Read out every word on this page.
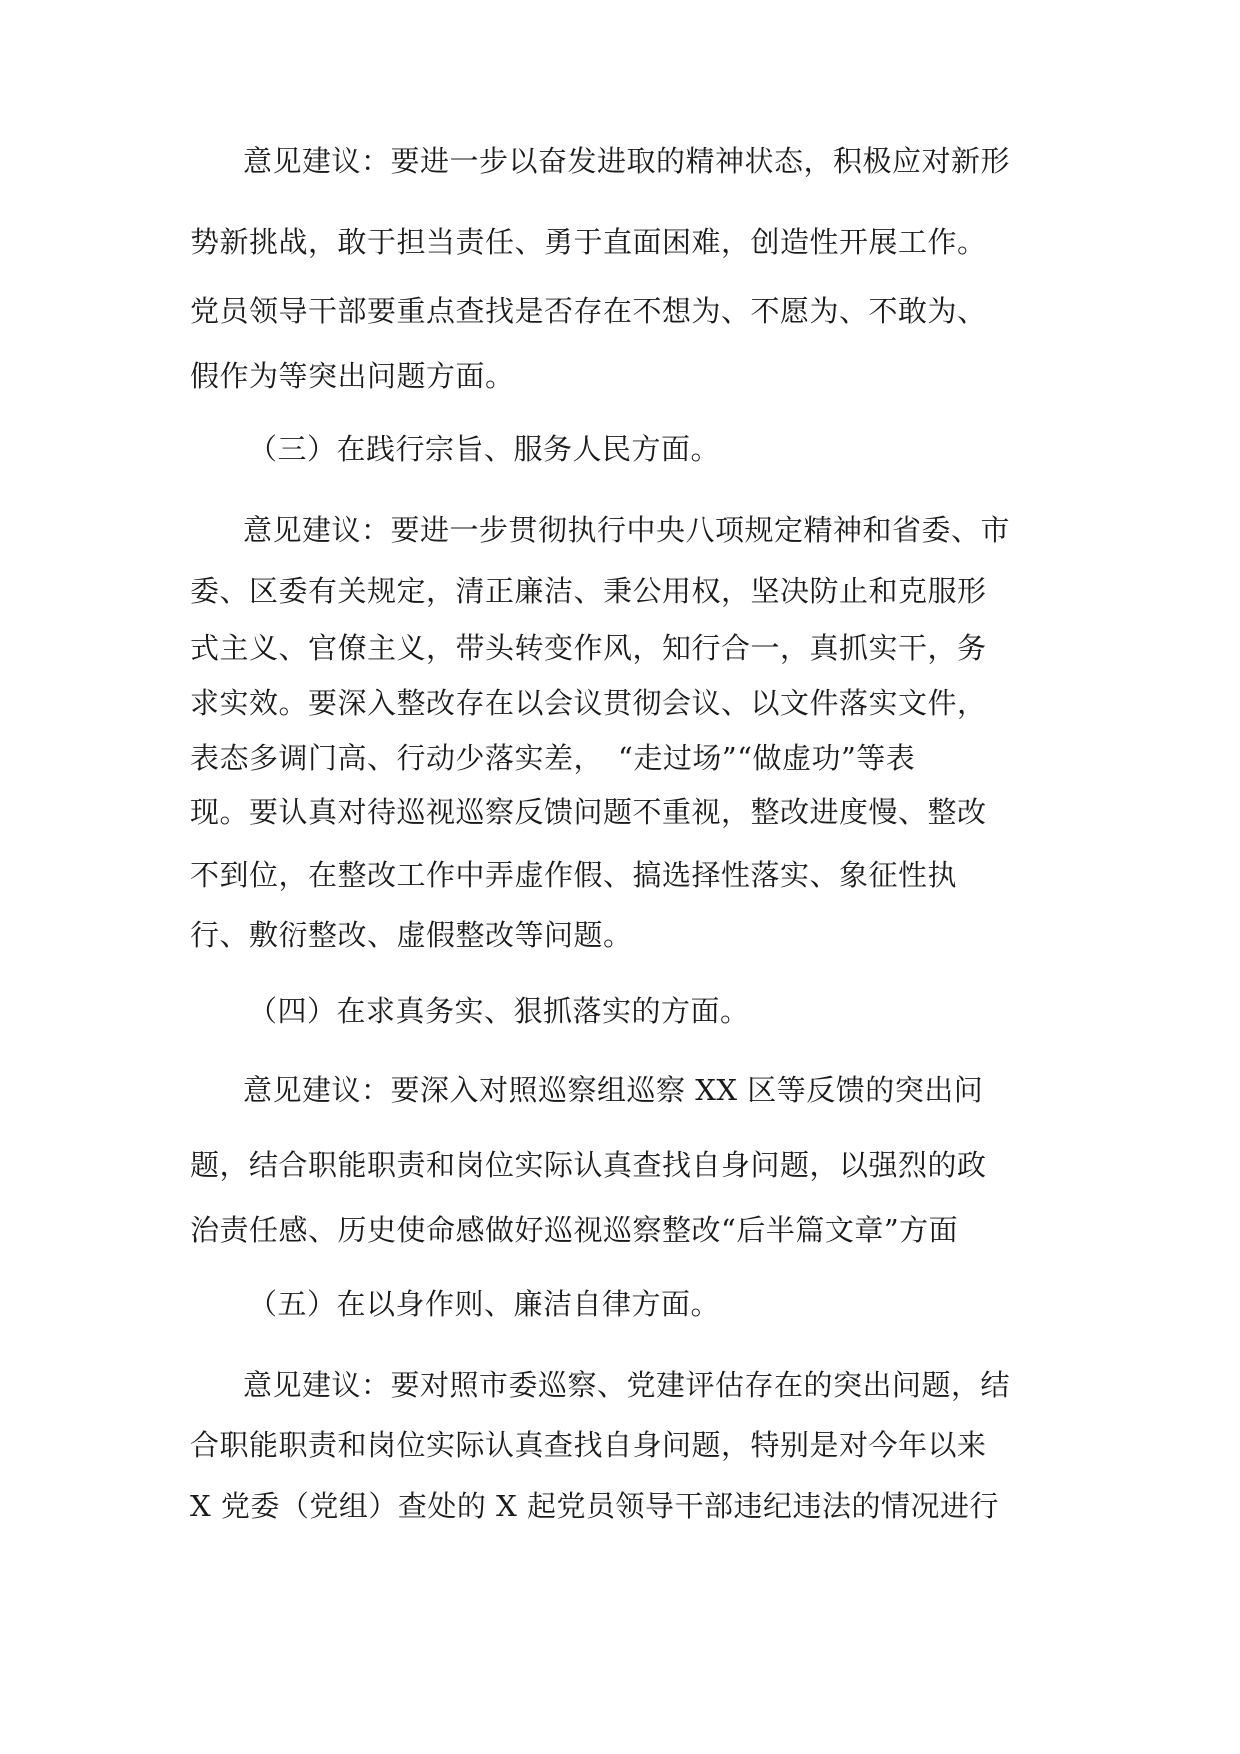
意见建议：要进一步以奋发进取的精神状态，积极应对新形
势新挑战，敢于担当责任、勇于直面困难，创造性开展工作。
党员领导干部要重点查找是否存在不想为、不愿为、不敢为、
假作为等突出问题方面。
（三）在践行宗旨、服务人民方面。
意见建议：要进一步贯彻执行中央八项规定精神和省委、市
委、区委有关规定，清正廉洁、秉公用权，坚决防止和克服形
式主义、官僚主义，带头转变作风，知行合一，真抓实干，务
求实效。要深入整改存在以会议贯彻会议、以文件落实文件，
表态多调门高、行动少落实差，　“走过场”“做虚功”等表
现。要认真对待巡视巡察反馈问题不重视，整改进度慢、整改
不到位，在整改工作中弄虚作假、搞选择性落实、象征性执
行、敷衍整改、虚假整改等问题。
（四）在求真务实、狠抓落实的方面。
意见建议：要深入对照巡察组巡察 XX 区等反馈的突出问
题，结合职能职责和岗位实际认真查找自身问题，以强烈的政
治责任感、历史使命感做好巡视巡察整改“后半篇文章”方面
（五）在以身作则、廉洁自律方面。
意见建议：要对照市委巡察、党建评估存在的突出问题，结
合职能职责和岗位实际认真查找自身问题，特别是对今年以来
X 党委（党组）查处的 X 起党员领导干部违纪违法的情况进行
